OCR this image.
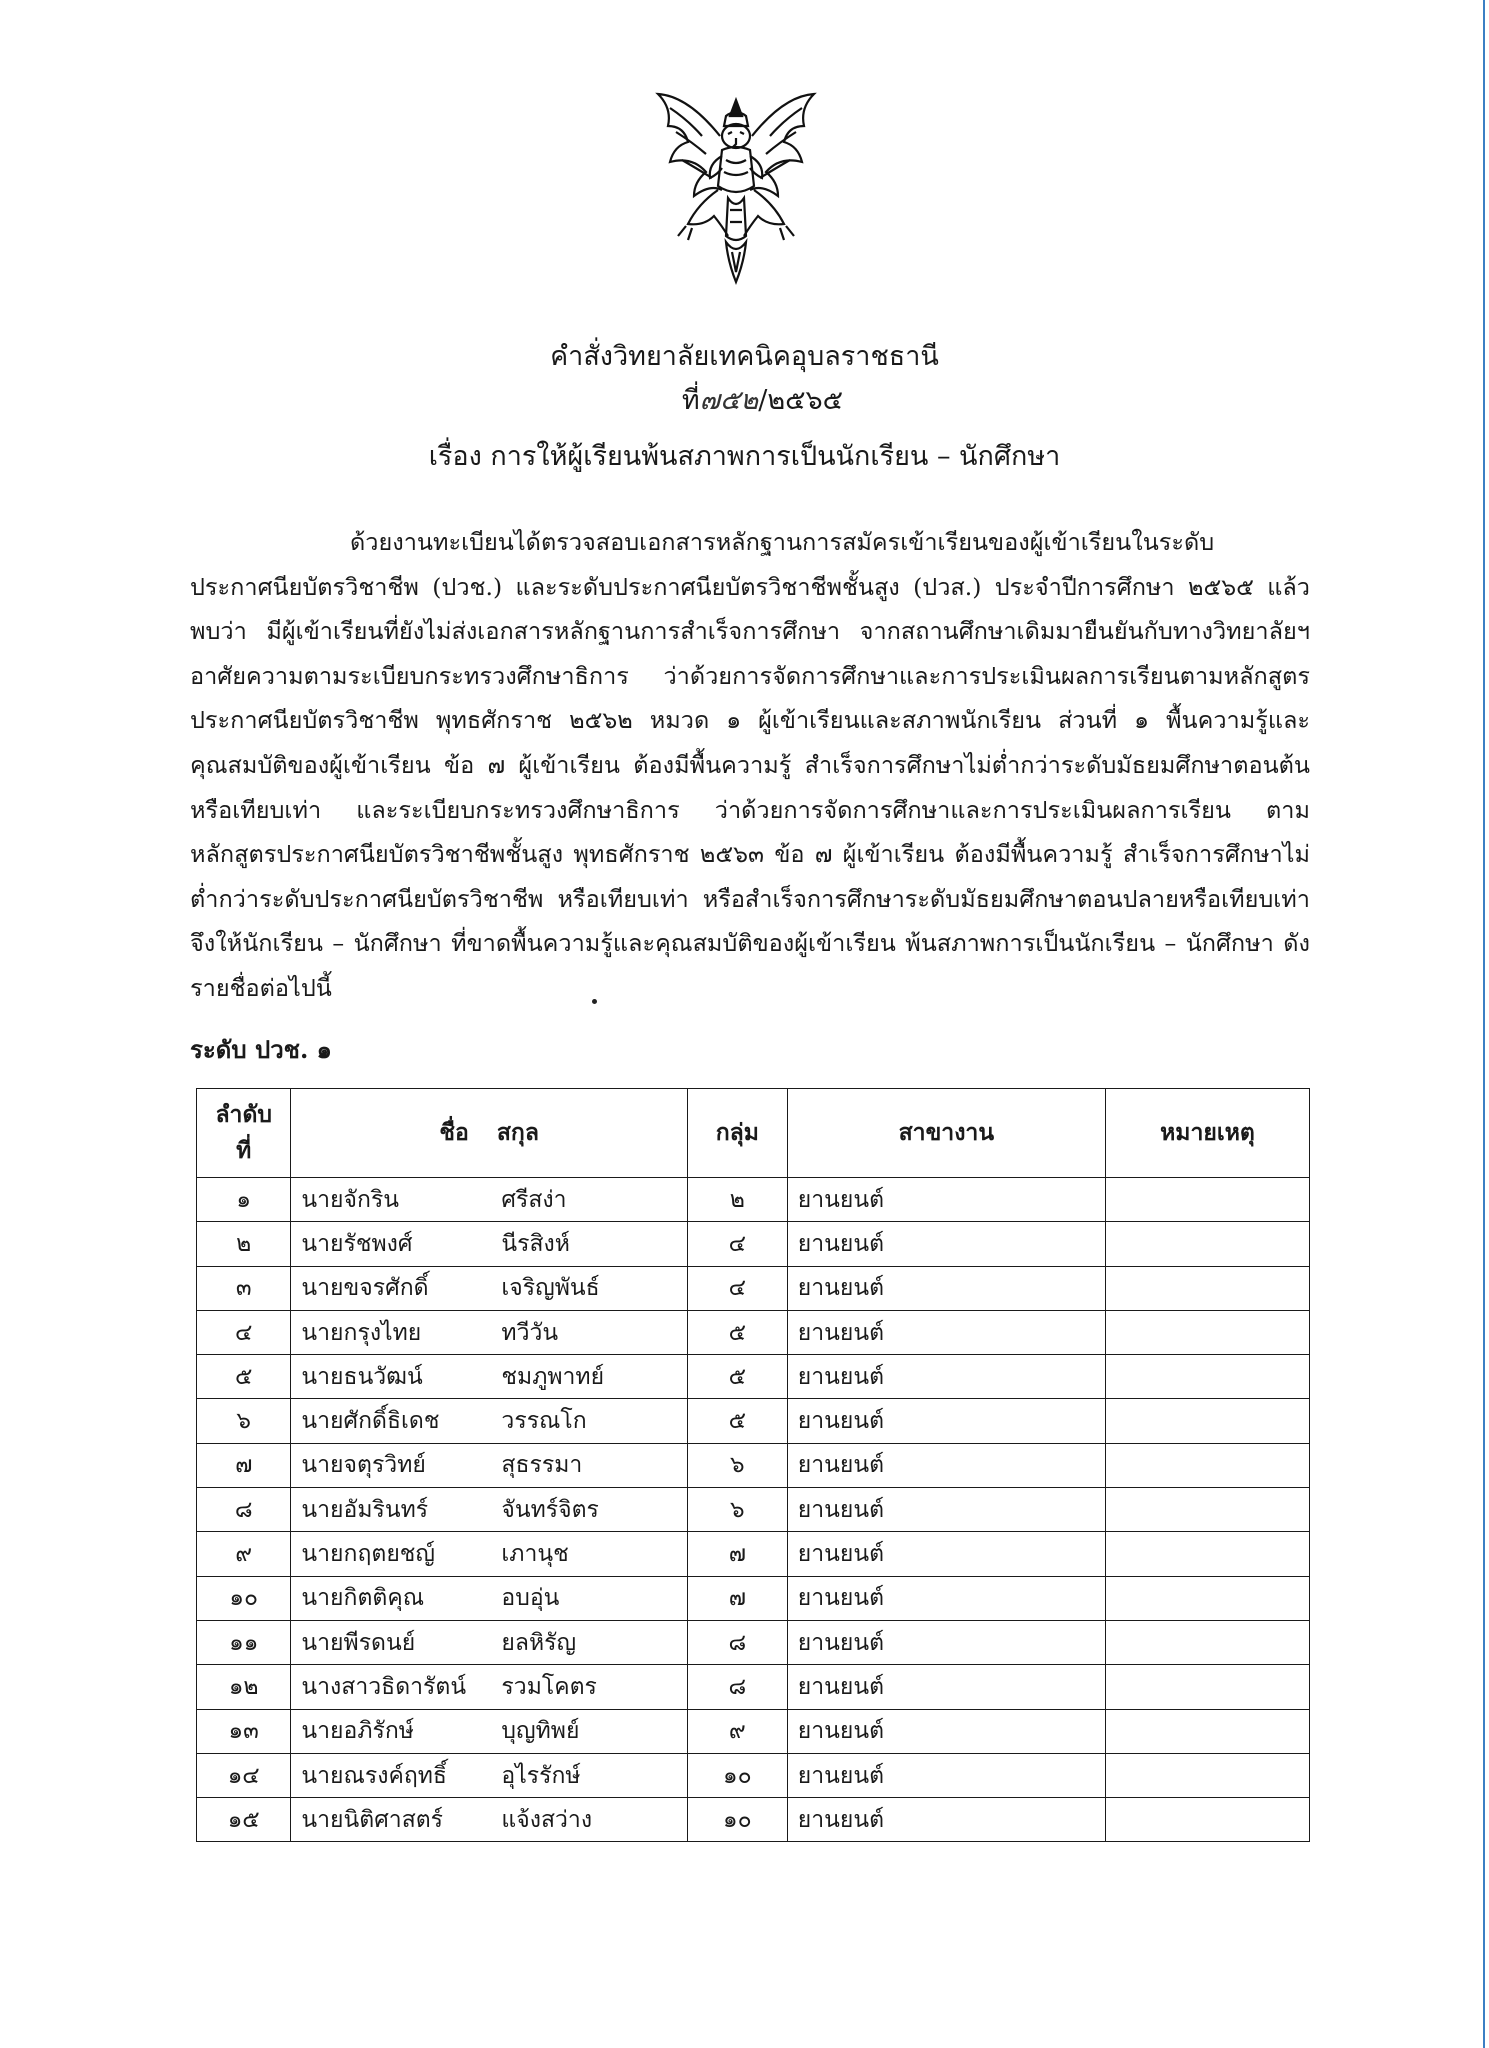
คำสั่งวิทยาลัยเทคนิคอุบลราชธานี
ที่๗๕๒/๒๕๖๕
เรื่อง การให้ผู้เรียนพ้นสภาพการเป็นนักเรียน – นักศึกษา

ด้วยงานทะเบียนได้ตรวจสอบเอกสารหลักฐานการสมัครเข้าเรียนของผู้เข้าเรียนในระดับประกาศนียบัตรวิชาชีพ (ปวช.) และระดับประกาศนียบัตรวิชาชีพชั้นสูง (ปวส.) ประจำปีการศึกษา ๒๕๖๕ แล้ว พบว่า มีผู้เข้าเรียนที่ยังไม่ส่งเอกสารหลักฐานการสำเร็จการศึกษา จากสถานศึกษาเดิมมายืนยันกับทางวิทยาลัยฯ อาศัยความตามระเบียบกระทรวงศึกษาธิการ ว่าด้วยการจัดการศึกษาและการประเมินผลการเรียนตามหลักสูตรประกาศนียบัตรวิชาชีพ พุทธศักราช ๒๕๖๒ หมวด ๑ ผู้เข้าเรียนและสภาพนักเรียน ส่วนที่ ๑ พื้นความรู้และคุณสมบัติของผู้เข้าเรียน ข้อ ๗ ผู้เข้าเรียน ต้องมีพื้นความรู้ สำเร็จการศึกษาไม่ต่ำกว่าระดับมัธยมศึกษาตอนต้นหรือเทียบเท่า และระเบียบกระทรวงศึกษาธิการ ว่าด้วยการจัดการศึกษาและการประเมินผลการเรียน ตามหลักสูตรประกาศนียบัตรวิชาชีพชั้นสูง พุทธศักราช ๒๕๖๓ ข้อ ๗ ผู้เข้าเรียน ต้องมีพื้นความรู้ สำเร็จการศึกษาไม่ต่ำกว่าระดับประกาศนียบัตรวิชาชีพ หรือเทียบเท่า หรือสำเร็จการศึกษาระดับมัธยมศึกษาตอนปลายหรือเทียบเท่า จึงให้นักเรียน – นักศึกษา ที่ขาดพื้นความรู้และคุณสมบัติของผู้เข้าเรียน พ้นสภาพการเป็นนักเรียน – นักศึกษา ดังรายชื่อต่อไปนี้

ระดับ ปวช. ๑
ลำดับ
ที่	ชื่อ สกุล	กลุ่ม	สาขางาน	หมายเหตุ
๑	นายจักริน ศรีสง่า	๒	ยานยนต์	
๒	นายรัชพงศ์ นีรสิงห์	๔	ยานยนต์	
๓	นายขจรศักดิ์ เจริญพันธ์	๔	ยานยนต์	
๔	นายกรุงไทย ทวีวัน	๕	ยานยนต์	
๕	นายธนวัฒน์ ชมภูพาทย์	๕	ยานยนต์	
๖	นายศักดิ์ธิเดช วรรณโก	๕	ยานยนต์	
๗	นายจตุรวิทย์ สุธรรมา	๖	ยานยนต์	
๘	นายอัมรินทร์ จันทร์จิตร	๖	ยานยนต์	
๙	นายกฤตยชญ์ เภานุช	๗	ยานยนต์	
๑๐	นายกิตติคุณ อบอุ่น	๗	ยานยนต์	
๑๑	นายพีรดนย์ ยลหิรัญ	๘	ยานยนต์	
๑๒	นางสาวธิดารัตน์ รวมโคตร	๘	ยานยนต์	
๑๓	นายอภิรักษ์ บุญทิพย์	๙	ยานยนต์	
๑๔	นายณรงค์ฤทธิ์ อุไรรักษ์	๑๐	ยานยนต์	
๑๕	นายนิติศาสตร์ แจ้งสว่าง	๑๐	ยานยนต์	
